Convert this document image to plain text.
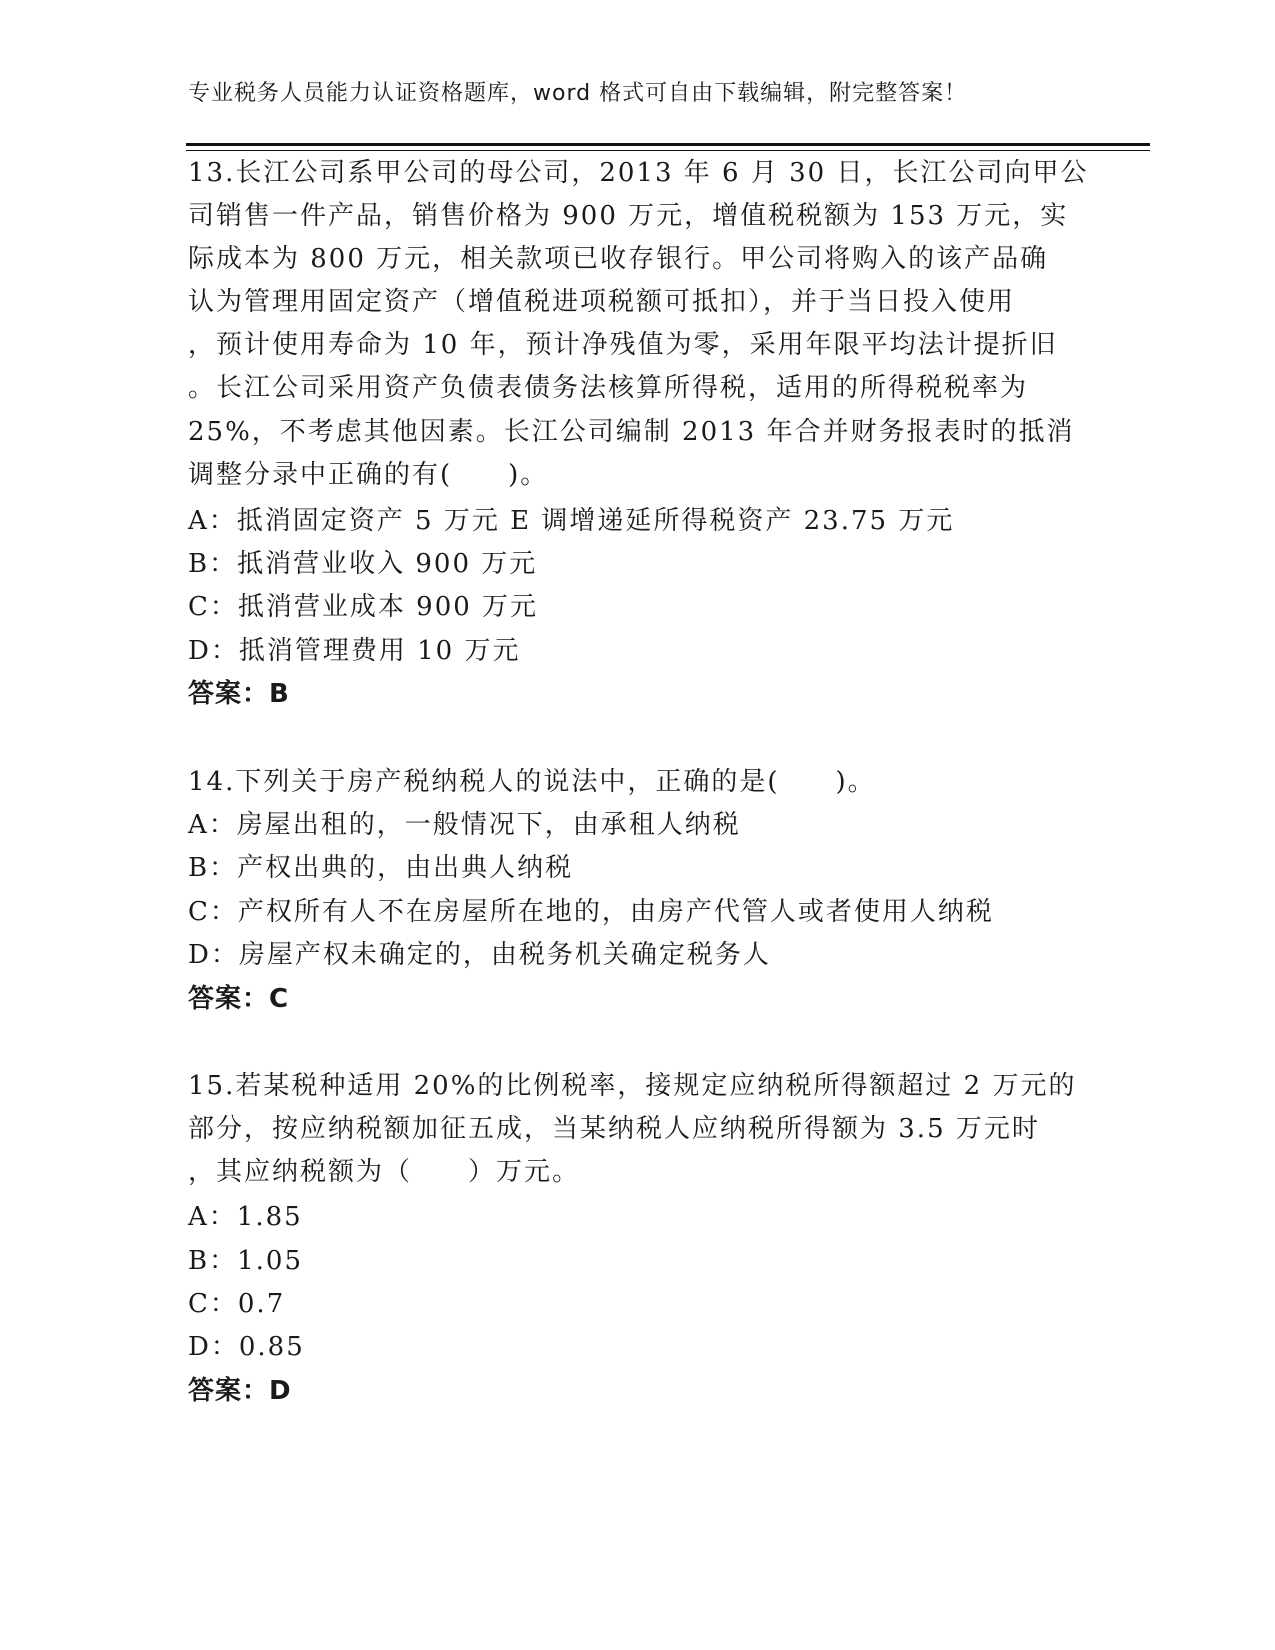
专业税务人员能力认证资格题库，word 格式可自由下载编辑，附完整答案！
13.长江公司系甲公司的母公司，2013 年 6 月 30 日，长江公司向甲公
司销售一件产品，销售价格为 900 万元，增值税税额为 153 万元，实
际成本为 800 万元，相关款项已收存银行。甲公司将购入的该产品确
认为管理用固定资产（增值税进项税额可抵扣），并于当日投入使用
，预计使用寿命为 10 年，预计净残值为零，采用年限平均法计提折旧
。长江公司采用资产负债表债务法核算所得税，适用的所得税税率为
25%，不考虑其他因素。长江公司编制 2013 年合并财务报表时的抵消
调整分录中正确的有(　　)。
A：抵消固定资产 5 万元 E 调增递延所得税资产 23.75 万元
B：抵消营业收入 900 万元
C：抵消营业成本 900 万元
D：抵消管理费用 10 万元
答案：B
14.下列关于房产税纳税人的说法中，正确的是(　　)。
A：房屋出租的，一般情况下，由承租人纳税
B：产权出典的，由出典人纳税
C：产权所有人不在房屋所在地的，由房产代管人或者使用人纳税
D：房屋产权未确定的，由税务机关确定税务人
答案：C
15.若某税种适用 20%的比例税率，接规定应纳税所得额超过 2 万元的
部分，按应纳税额加征五成，当某纳税人应纳税所得额为 3.5 万元时
，其应纳税额为（　　）万元。
A：1.85
B：1.05
C：0.7
D：0.85
答案：D
